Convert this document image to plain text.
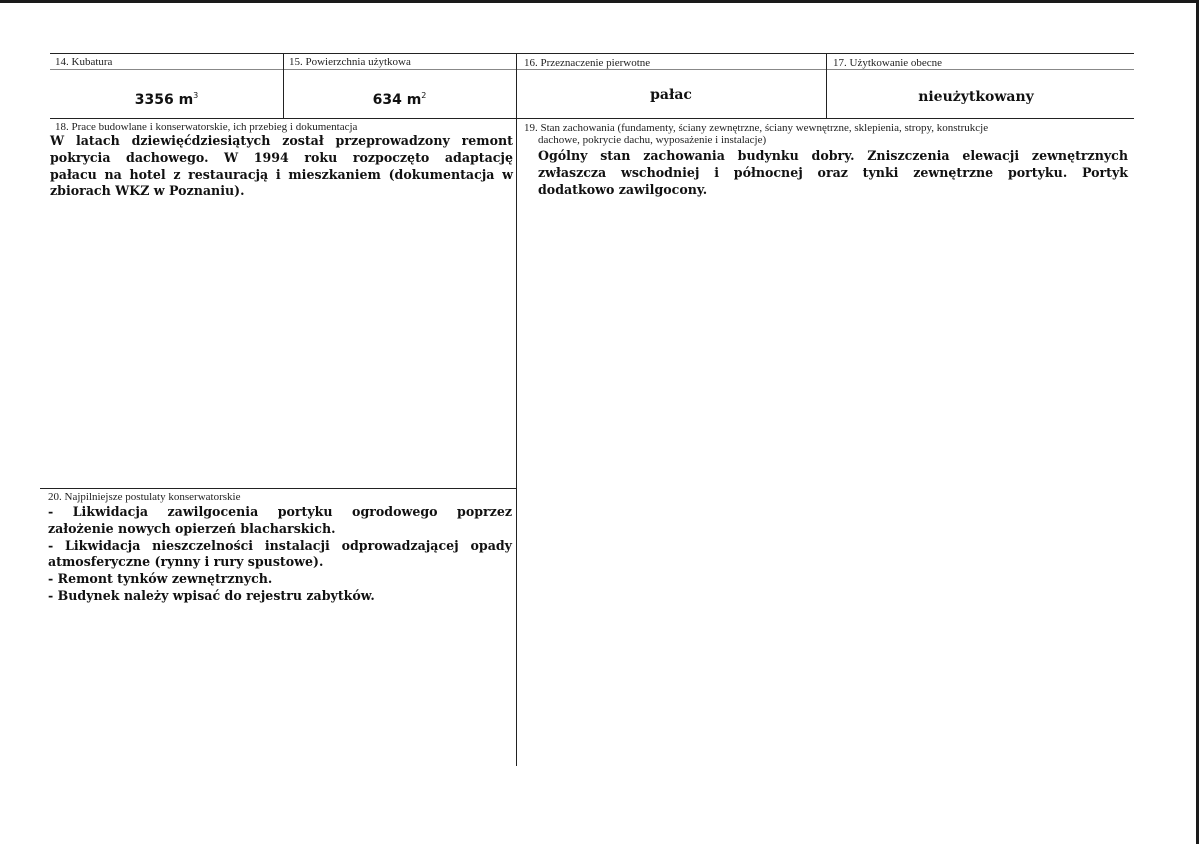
14. Kubatura	15. Powierzchnia użytkowa	16. Przeznaczenie pierwotne	17. Użytkowanie obecne
3356 $m^3$	634 $m^2$	pałac	nieużytkowany
18. Prace budowlane i konserwatorskie, ich przebieg i dokumentacja
W latach dziewięćdziesiątych został przeprowadzony remont
pokrycia dachowego. W 1994 roku rozpoczęto adaptację
pałacu na hotel z restauracją i mieszkaniem (dokumentacja w
zbiorach WKZ w Poznaniu).
19. Stan zachowania (fundamenty, ściany zewnętrzne, ściany wewnętrzne, sklepienia, stropy, konstrukcje
dachowe, pokrycie dachu, wyposażenie i instalacje)
Ogólny stan zachowania budynku dobry. Zniszczenia elewacji zewnętrznych
zwłaszcza wschodniej i północnej oraz tynki zewnętrzne portyku. Portyk
dodatkowo zawilgocony.
20. Najpilniejsze postulaty konserwatorskie
- Likwidacja zawilgocenia portyku ogrodowego poprzez
założenie nowych opierzeń blacharskich.
- Likwidacja nieszczelności instalacji odprowadzającej opady
atmosferyczne (rynny i rury spustowe).
- Remont tynków zewnętrznych.
- Budynek należy wpisać do rejestru zabytków.
